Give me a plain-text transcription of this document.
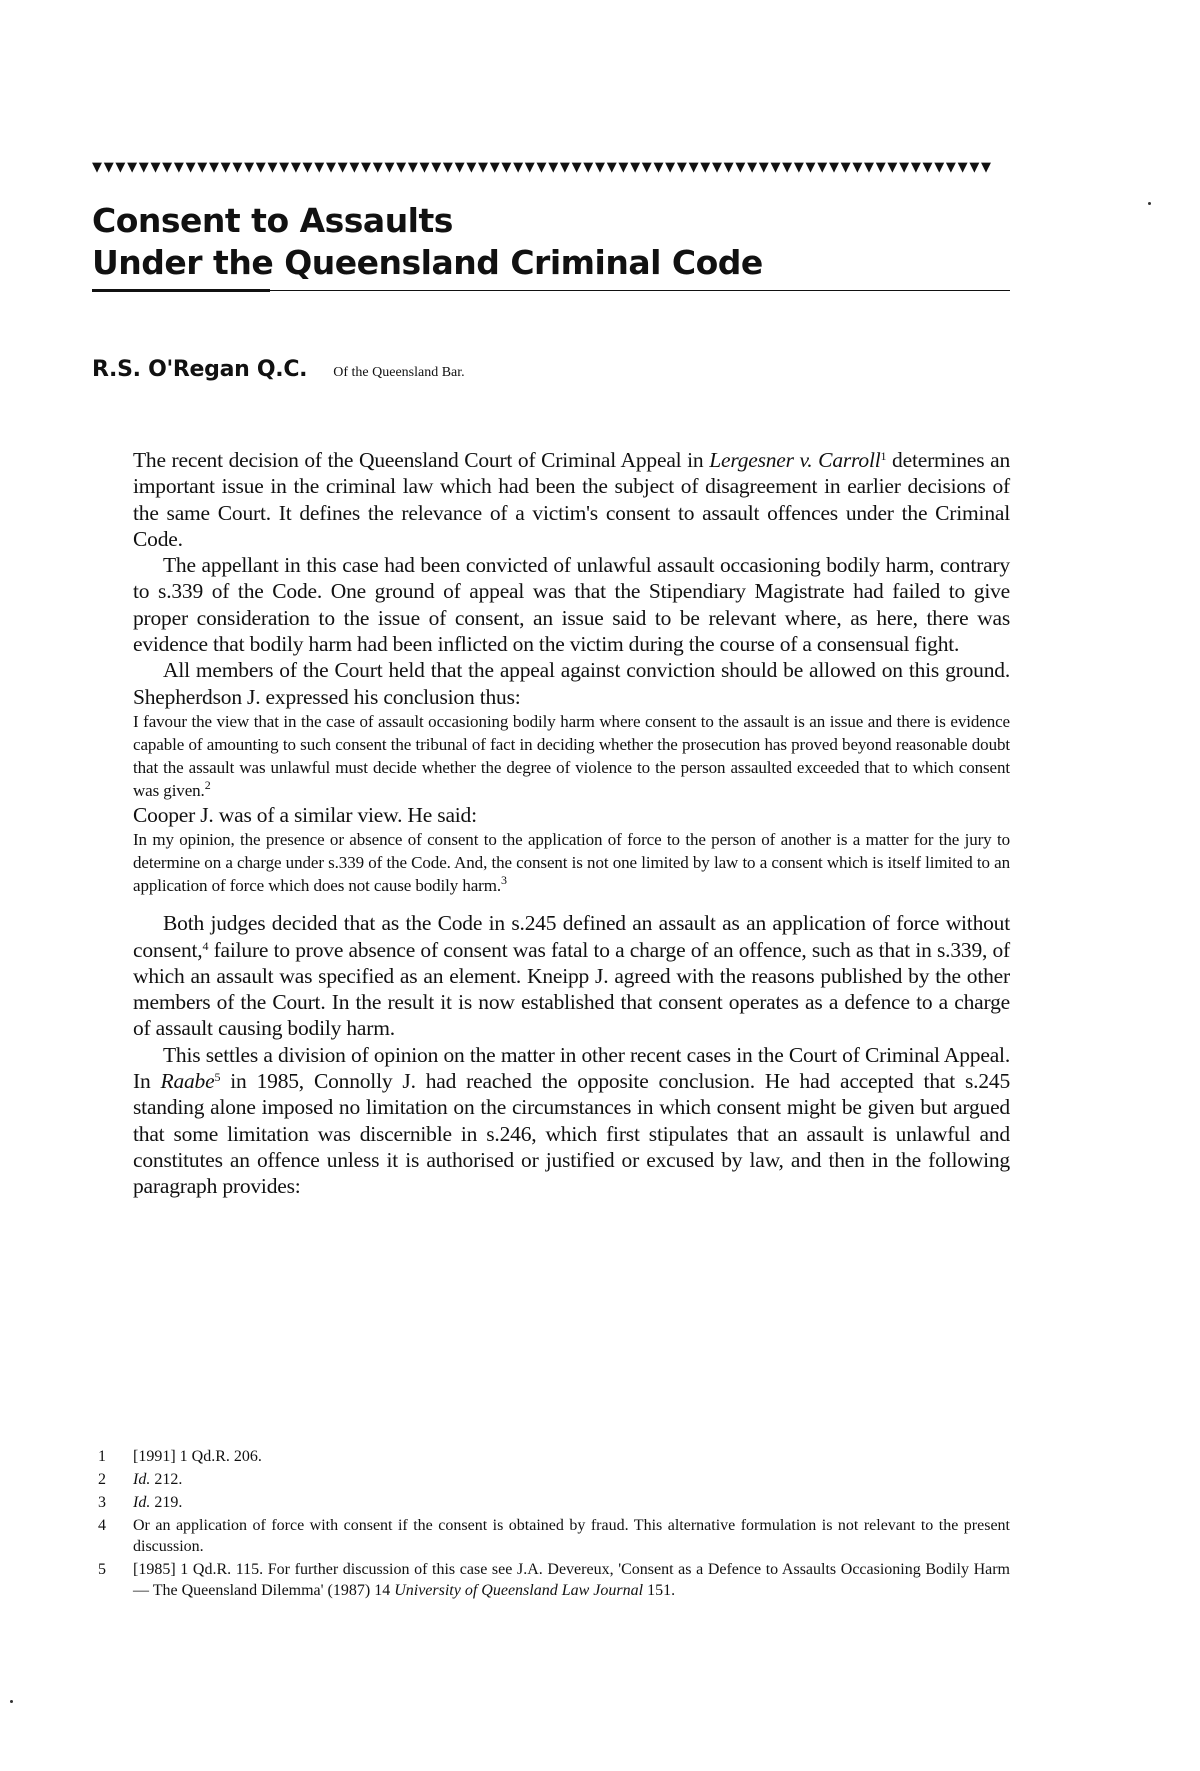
▼▼▼▼▼▼▼▼▼▼▼▼▼▼▼▼▼▼▼▼▼▼▼▼▼▼▼▼▼▼▼▼▼▼▼▼▼▼▼▼▼▼▼▼▼▼▼▼▼▼▼▼▼▼▼▼▼▼▼▼▼▼▼▼▼▼▼▼▼▼▼▼▼▼▼▼▼
Consent to Assaults
Under the Queensland Criminal Code
R.S. O'Regan Q.C. Of the Queensland Bar.

The recent decision of the Queensland Court of Criminal Appeal in Lergesner v. Carroll$^1$ determines an important issue in the criminal law which had been the subject of disagreement in earlier decisions of the same Court. It defines the relevance of a victim's consent to assault offences under the Criminal Code.

The appellant in this case had been convicted of unlawful assault occasioning bodily harm, contrary to s.339 of the Code. One ground of appeal was that the Stipendiary Magistrate had failed to give proper consideration to the issue of consent, an issue said to be relevant where, as here, there was evidence that bodily harm had been inflicted on the victim during the course of a consensual fight.

All members of the Court held that the appeal against conviction should be allowed on this ground. Shepherdson J. expressed his conclusion thus:

I favour the view that in the case of assault occasioning bodily harm where consent to the assault is an issue and there is evidence capable of amounting to such consent the tribunal of fact in deciding whether the prosecution has proved beyond reasonable doubt that the assault was unlawful must decide whether the degree of violence to the person assaulted exceeded that to which consent was given.$^2$

Cooper J. was of a similar view. He said:

In my opinion, the presence or absence of consent to the application of force to the person of another is a matter for the jury to determine on a charge under s.339 of the Code. And, the consent is not one limited by law to a consent which is itself limited to an application of force which does not cause bodily harm.$^3$

Both judges decided that as the Code in s.245 defined an assault as an application of force without consent,$^4$ failure to prove absence of consent was fatal to a charge of an offence, such as that in s.339, of which an assault was specified as an element. Kneipp J. agreed with the reasons published by the other members of the Court. In the result it is now established that consent operates as a defence to a charge of assault causing bodily harm.

This settles a division of opinion on the matter in other recent cases in the Court of Criminal Appeal. In Raabe$^5$ in 1985, Connolly J. had reached the opposite conclusion. He had accepted that s.245 standing alone imposed no limitation on the circumstances in which consent might be given but argued that some limitation was discernible in s.246, which first stipulates that an assault is unlawful and constitutes an offence unless it is authorised or justified or excused by law, and then in the following paragraph provides:

1	[1991] 1 Qd.R. 206.
2	Id. 212.
3	Id. 219.
4	Or an application of force with consent if the consent is obtained by fraud. This alternative formulation is not relevant to the present discussion.
5	[1985] 1 Qd.R. 115. For further discussion of this case see J.A. Devereux, 'Consent as a Defence to Assaults Occasioning Bodily Harm — The Queensland Dilemma' (1987) 14 University of Queensland Law Journal 151.
